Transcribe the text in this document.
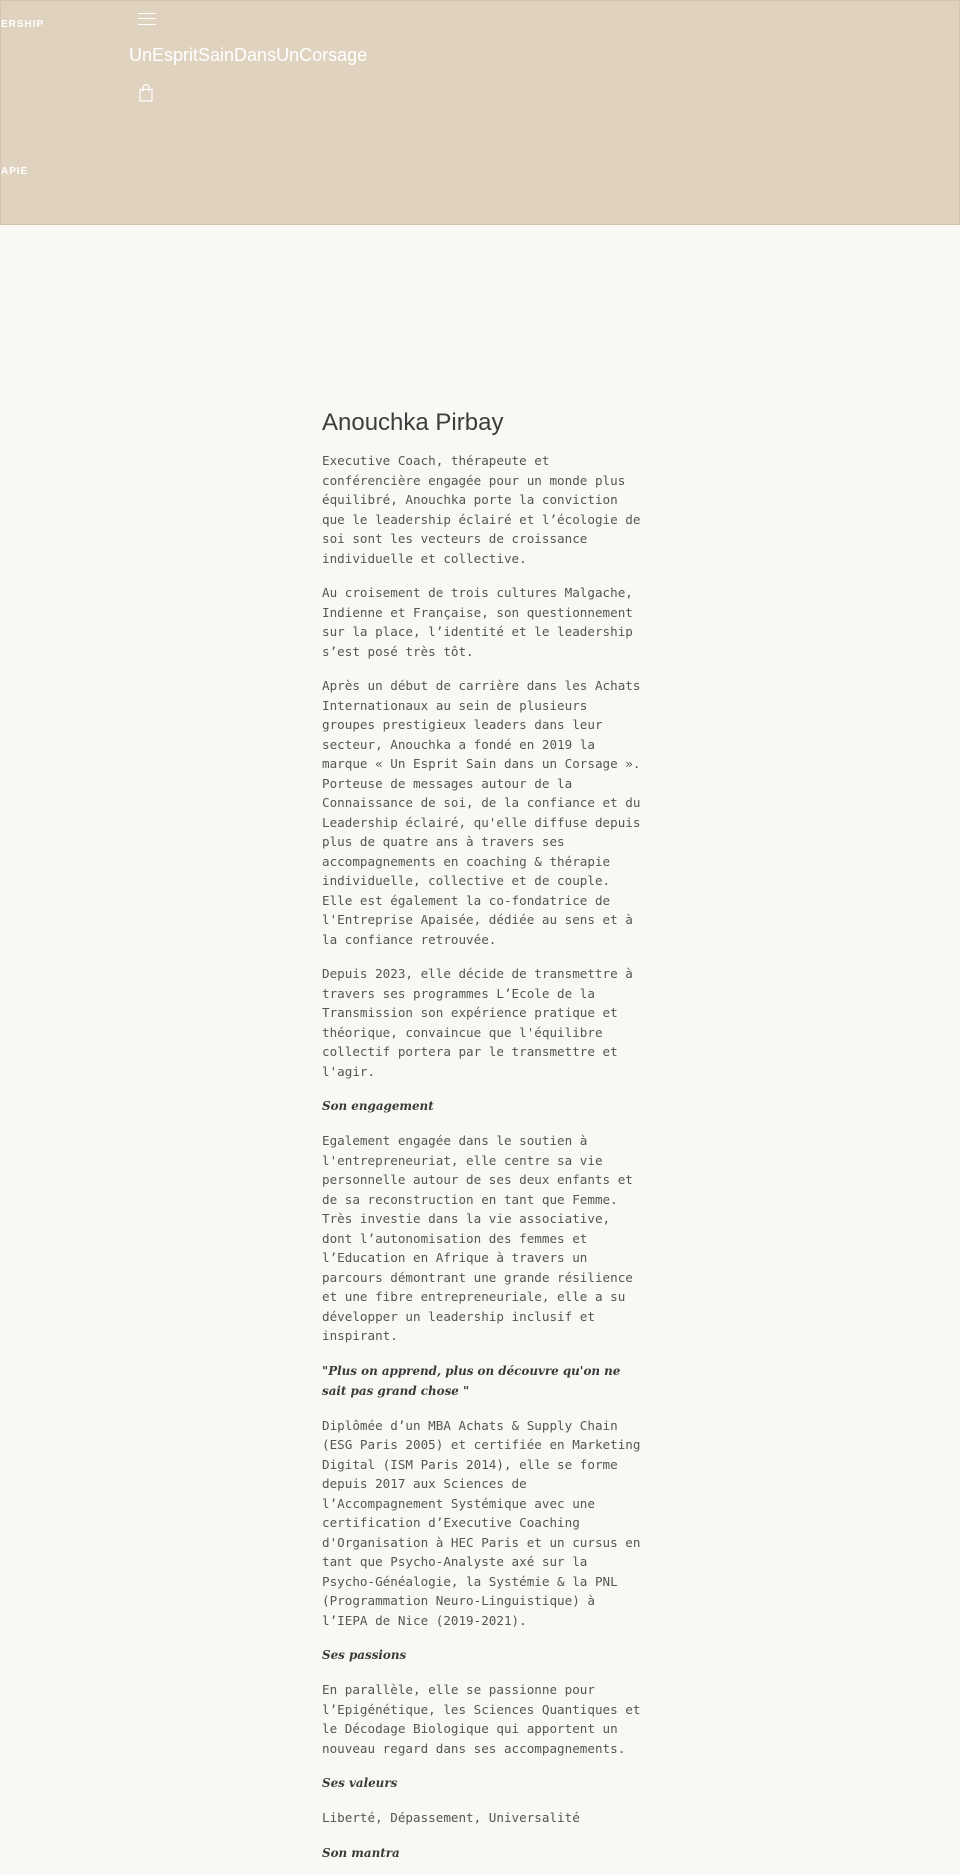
ERSHIP
APIE
UnEspritSainDansUnCorsage
Anouchka Pirbay

Executive Coach, thérapeute et conférencière engagée pour un monde plus équilibré, Anouchka porte la conviction que le leadership éclairé et l’écologie de soi sont les vecteurs de croissance individuelle et collective.

Au croisement de trois cultures Malgache, Indienne et Française, son questionnement sur la place, l’identité et le leadership s’est posé très tôt.

Après un début de carrière dans les Achats Internationaux au sein de plusieurs groupes prestigieux leaders dans leur secteur, Anouchka a fondé en 2019 la marque « Un Esprit Sain dans un Corsage ». Porteuse de messages autour de la Connaissance de soi, de la confiance et du Leadership éclairé, qu'elle diffuse depuis plus de quatre ans à travers ses accompagnements en coaching & thérapie individuelle, collective et de couple. Elle est également la co-fondatrice de l'Entreprise Apaisée, dédiée au sens et à la confiance retrouvée.

Depuis 2023, elle décide de transmettre à travers ses programmes L’Ecole de la Transmission son expérience pratique et théorique, convaincue que l'équilibre collectif portera par le transmettre et l'agir.

Son engagement

Egalement engagée dans le soutien à l'entrepreneuriat, elle centre sa vie personnelle autour de ses deux enfants et de sa reconstruction en tant que Femme. Très investie dans la vie associative, dont l’autonomisation des femmes et l’Education en Afrique à travers un parcours démontrant une grande résilience et une fibre entrepreneuriale, elle a su développer un leadership inclusif et inspirant.

"Plus on apprend, plus on découvre qu'on ne sait pas grand chose "

Diplômée d’un MBA Achats & Supply Chain (ESG Paris 2005) et certifiée en Marketing Digital (ISM Paris 2014), elle se forme depuis 2017 aux Sciences de l’Accompagnement Systémique avec une certification d’Executive Coaching d'Organisation à HEC Paris et un cursus en tant que Psycho-Analyste axé sur la Psycho-Généalogie, la Systémie & la PNL (Programmation Neuro-Linguistique) à l’IEPA de Nice (2019-2021).

Ses passions

En parallèle, elle se passionne pour l’Epigénétique, les Sciences Quantiques et le Décodage Biologique qui apportent un nouveau regard dans ses accompagnements.

Ses valeurs

Liberté, Dépassement, Universalité

Son mantra
